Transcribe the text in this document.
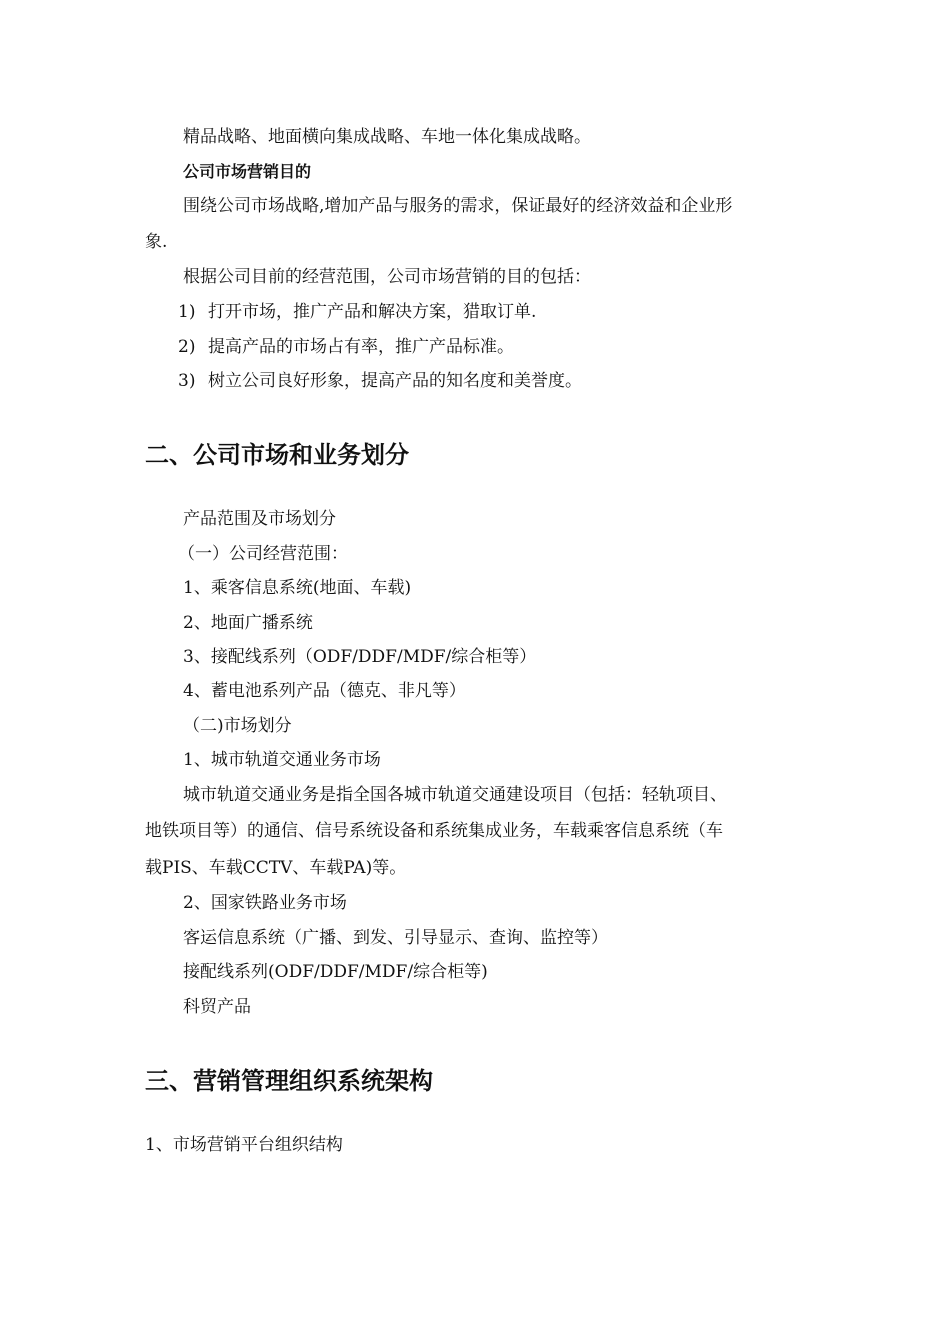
精品战略、地面横向集成战略、车地一体化集成战略。
公司市场营销目的
围绕公司市场战略,增加产品与服务的需求，保证最好的经济效益和企业形
象.
根据公司目前的经营范围，公司市场营销的目的包括：
1) 打开市场，推广产品和解决方案，猎取订单.
2) 提高产品的市场占有率，推广产品标准。
3) 树立公司良好形象，提高产品的知名度和美誉度。
二、公司市场和业务划分
产品范围及市场划分
（一）公司经营范围：
1、乘客信息系统(地面、车载)
2、地面广播系统
3、接配线系列（ODF/DDF/MDF/综合柜等）
4、蓄电池系列产品（德克、非凡等）
（二)市场划分
1、城市轨道交通业务市场
城市轨道交通业务是指全国各城市轨道交通建设项目（包括：轻轨项目、
地铁项目等）的通信、信号系统设备和系统集成业务，车载乘客信息系统（车
载PIS、车载CCTV、车载PA)等。
2、国家铁路业务市场
客运信息系统（广播、到发、引导显示、查询、监控等）
接配线系列(ODF/DDF/MDF/综合柜等)
科贸产品
三、营销管理组织系统架构
1、市场营销平台组织结构
